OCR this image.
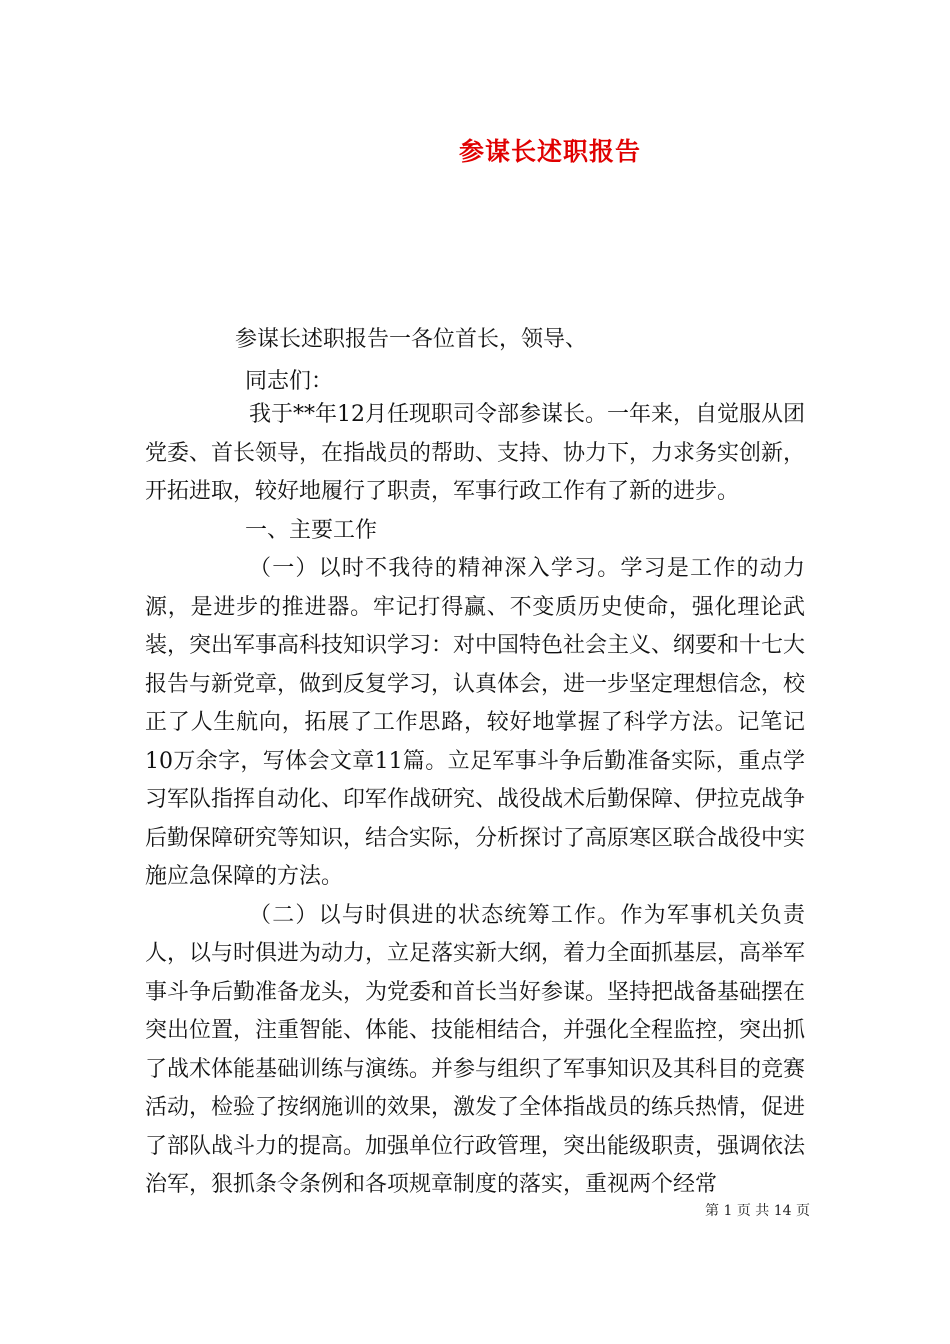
参谋长述职报告
参谋长述职报告一各位首长，领导、
同志们：

我于**年12月任现职司令部参谋长。一年来，自觉服从团党委、首长领导，在指战员的帮助、支持、协力下，力求务实创新，开拓进取，较好地履行了职责，军事行政工作有了新的进步。

一、主要工作

（一）以时不我待的精神深入学习。学习是工作的动力源，是进步的推进器。牢记打得赢、不变质历史使命，强化理论武装，突出军事高科技知识学习：对中国特色社会主义、纲要和十七大报告与新党章，做到反复学习，认真体会，进一步坚定理想信念，校正了人生航向，拓展了工作思路，较好地掌握了科学方法。记笔记10万余字，写体会文章11篇。立足军事斗争后勤准备实际，重点学习军队指挥自动化、印军作战研究、战役战术后勤保障、伊拉克战争后勤保障研究等知识，结合实际，分析探讨了高原寒区联合战役中实施应急保障的方法。

（二）以与时俱进的状态统筹工作。作为军事机关负责人，以与时俱进为动力，立足落实新大纲，着力全面抓基层，高举军事斗争后勤准备龙头，为党委和首长当好参谋。坚持把战备基础摆在突出位置，注重智能、体能、技能相结合，并强化全程监控，突出抓了战术体能基础训练与演练。并参与组织了军事知识及其科目的竞赛活动，检验了按纲施训的效果，激发了全体指战员的练兵热情，促进了部队战斗力的提高。加强单位行政管理，突出能级职责，强调依法治军，狠抓条令条例和各项规章制度的落实，重视两个经常

第 1 页 共 14 页
